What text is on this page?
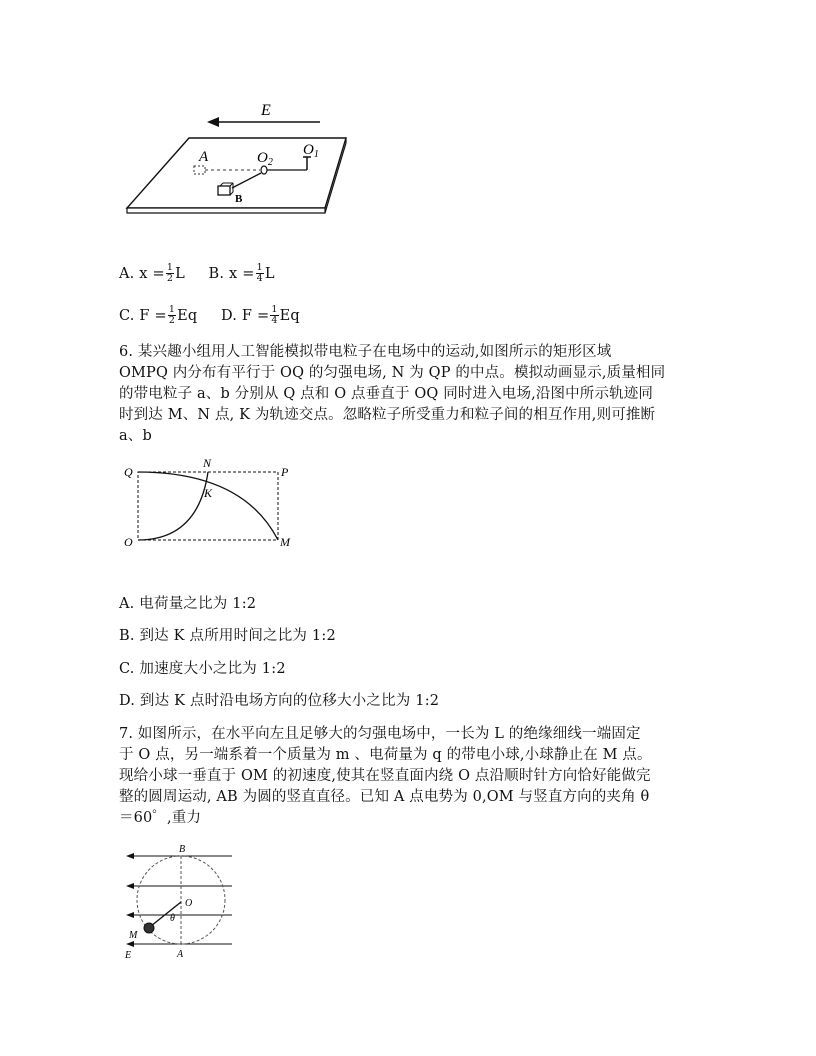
E
A	$O_2$
$O_1$
B
A. $x = \frac{1}{2}$ L B. $x = \frac{1}{4}$ L
C. $F = \frac{1}{2}$ Eq D. $F = \frac{1}{4}$ Eq
6. 某兴趣小组用人工智能模拟带电粒子在电场中的运动,如图所示的矩形区域
OMPQ 内分布有平行于 OQ 的匀强电场, N 为 QP 的中点。模拟动画显示,质量相同
的带电粒子 a、b 分别从 Q 点和 O 点垂直于 OQ 同时进入电场,沿图中所示轨迹同
时到达 M、N 点, K 为轨迹交点。忽略粒子所受重力和粒子间的相互作用,则可推断
a、b
Q
N
P
K
O	M
A. 电荷量之比为 1:2
B. 到达 K 点所用时间之比为 1:2
C. 加速度大小之比为 1:2
D. 到达 K 点时沿电场方向的位移大小之比为 1:2
7. 如图所示，在水平向左且足够大的匀强电场中，一长为 L 的绝缘细线一端固定
于 O 点，另一端系着一个质量为 m 、电荷量为 q 的带电小球,小球静止在 M 点。
现给小球一垂直于 OM 的初速度,使其在竖直面内绕 O 点沿顺时针方向恰好能做完
整的圆周运动, AB 为圆的竖直直径。已知 A 点电势为 0,OM 与竖直方向的夹角 θ
＝60゜,重力
B
O
θ
M
E	A
